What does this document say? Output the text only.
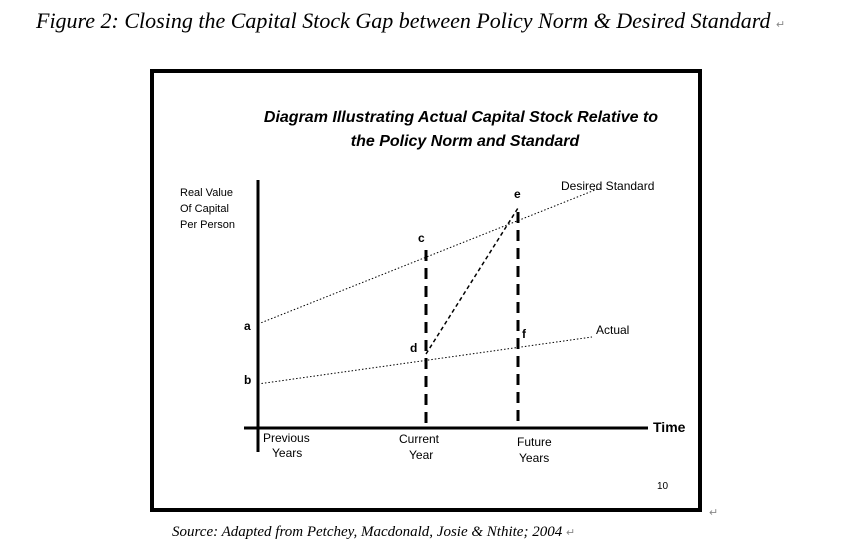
Figure 2: Closing the Capital Stock Gap between Policy Norm & Desired Standard ↵
Diagram Illustrating Actual Capital Stock Relative to
the Policy Norm and Standard
Real Value
Of Capital
Per Person
Time
Desired Standard
Actual
a
b
c
d
e
f
Previous
Years
Current
Year
Future
Years
10
↵
Source: Adapted from Petchey, Macdonald, Josie & Nthite; 2004 ↵
